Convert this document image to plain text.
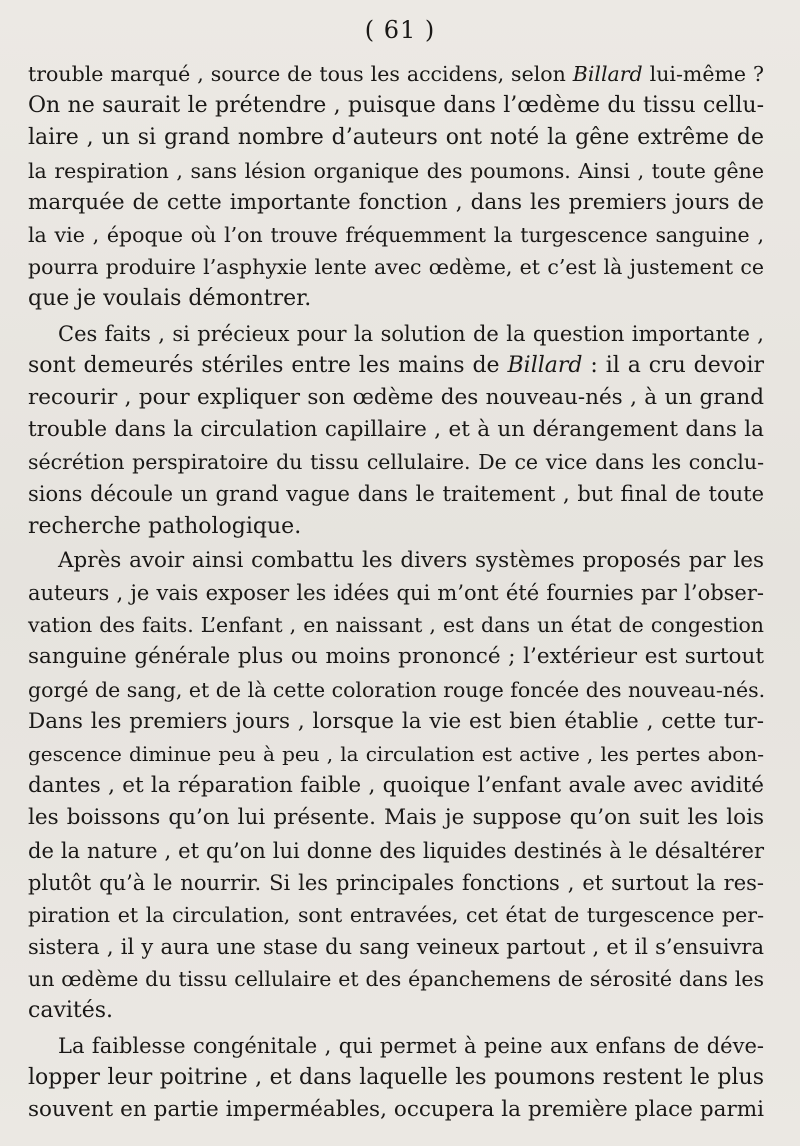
( 61 )
trouble marqué , source de tous les accidens, selon Billard lui-même ?
On ne saurait le prétendre , puisque dans l’œdème du tissu cellu-
laire , un si grand nombre d’auteurs ont noté la gêne extrême de
la respiration , sans lésion organique des poumons. Ainsi , toute gêne
marquée de cette importante fonction , dans les premiers jours de
la vie , époque où l’on trouve fréquemment la turgescence sanguine ,
pourra produire l’asphyxie lente avec œdème, et c’est là justement ce
que je voulais démontrer.
Ces faits , si précieux pour la solution de la question importante ,
sont demeurés stériles entre les mains de Billard : il a cru devoir
recourir , pour expliquer son œdème des nouveau-nés , à un grand
trouble dans la circulation capillaire , et à un dérangement dans la
sécrétion perspiratoire du tissu cellulaire. De ce vice dans les conclu-
sions découle un grand vague dans le traitement , but final de toute
recherche pathologique.
Après avoir ainsi combattu les divers systèmes proposés par les
auteurs , je vais exposer les idées qui m’ont été fournies par l’obser-
vation des faits. L’enfant , en naissant , est dans un état de congestion
sanguine générale plus ou moins prononcé ; l’extérieur est surtout
gorgé de sang, et de là cette coloration rouge foncée des nouveau-nés.
Dans les premiers jours , lorsque la vie est bien établie , cette tur-
gescence diminue peu à peu , la circulation est active , les pertes abon-
dantes , et la réparation faible , quoique l’enfant avale avec avidité
les boissons qu’on lui présente. Mais je suppose qu’on suit les lois
de la nature , et qu’on lui donne des liquides destinés à le désaltérer
plutôt qu’à le nourrir. Si les principales fonctions , et surtout la res-
piration et la circulation, sont entravées, cet état de turgescence per-
sistera , il y aura une stase du sang veineux partout , et il s’ensuivra
un œdème du tissu cellulaire et des épanchemens de sérosité dans les
cavités.
La faiblesse congénitale , qui permet à peine aux enfans de déve-
lopper leur poitrine , et dans laquelle les poumons restent le plus
souvent en partie imperméables, occupera la première place parmi
